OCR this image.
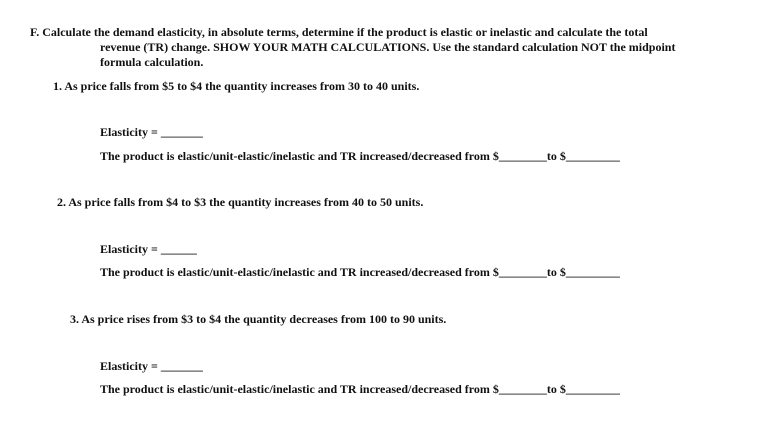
F. Calculate the demand elasticity, in absolute terms, determine if the product is elastic or inelastic and calculate the total
revenue (TR) change. SHOW YOUR MATH CALCULATIONS. Use the standard calculation NOT the midpoint
formula calculation.
1. As price falls from $5 to $4 the quantity increases from 30 to 40 units.
Elasticity = _______
The product is elastic/unit-elastic/inelastic and TR increased/decreased from $________to $_________
2. As price falls from $4 to $3 the quantity increases from 40 to 50 units.
Elasticity = ______
The product is elastic/unit-elastic/inelastic and TR increased/decreased from $________to $_________
3. As price rises from $3 to $4 the quantity decreases from 100 to 90 units.
Elasticity = _______
The product is elastic/unit-elastic/inelastic and TR increased/decreased from $________to $_________
